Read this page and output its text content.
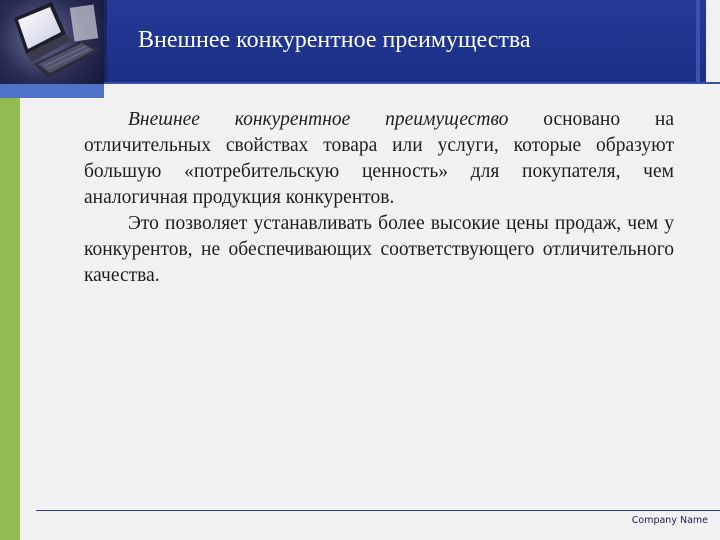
Внешнее конкурентное преимущества

Внешнее конкурентное преимущество основано на отличительных свойствах товара или услуги, которые образуют большую «потребительскую ценность» для покупателя, чем аналогичная продукция конкурентов.

Это позволяет устанавливать более высокие цены продаж, чем у конкурентов, не обеспечивающих соответствующего отличительного качества.

Company Name
